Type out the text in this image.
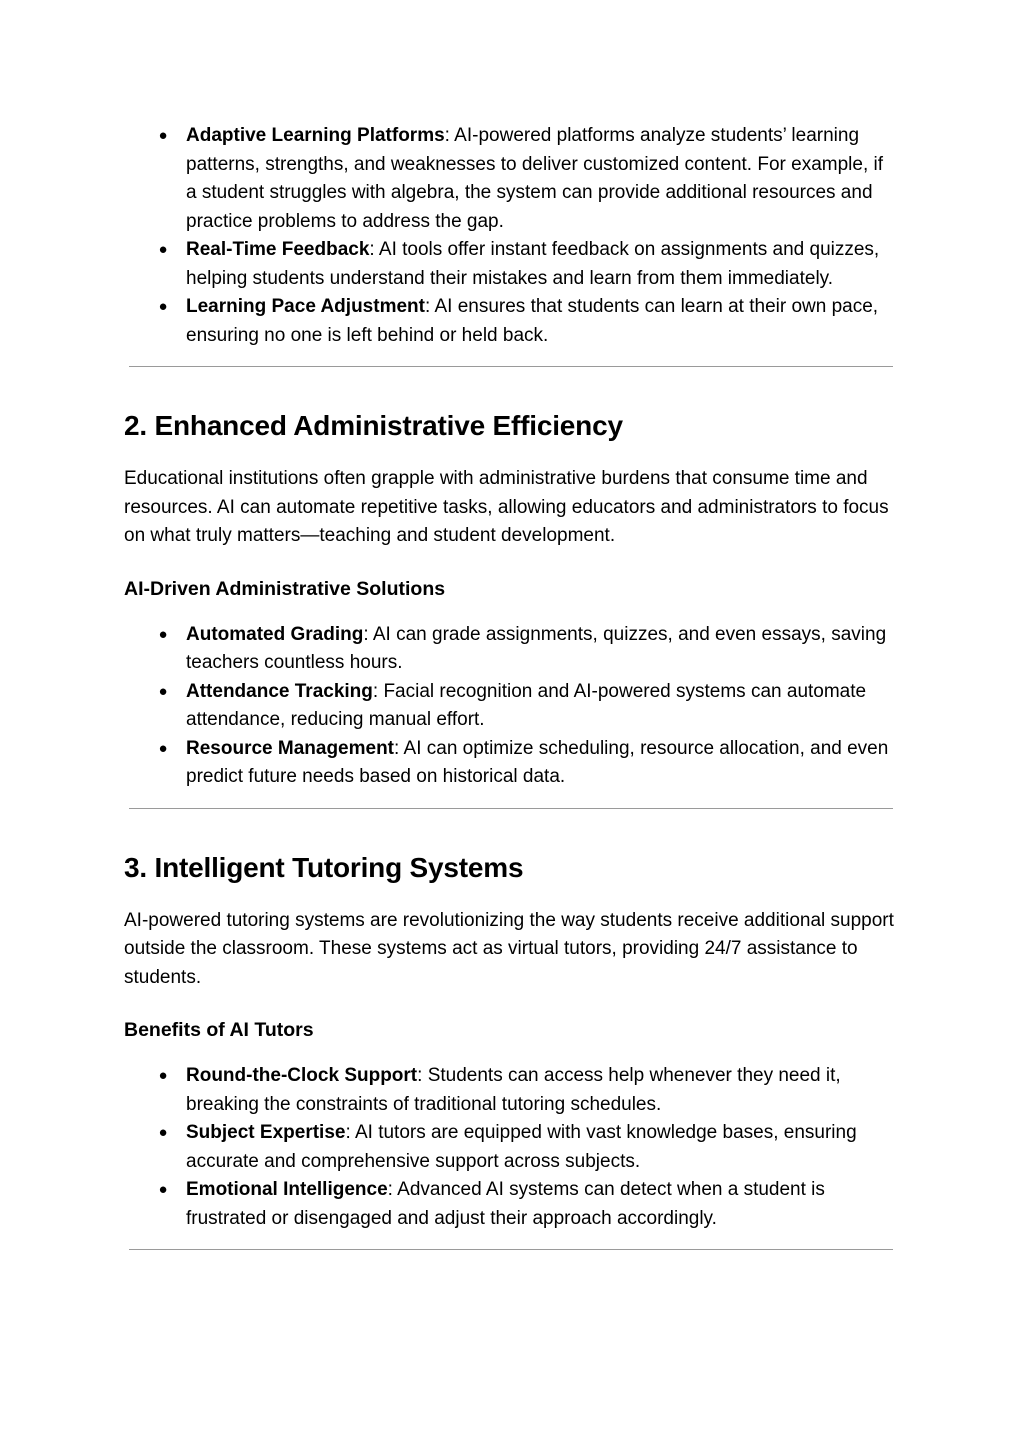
● Adaptive Learning Platforms: AI-powered platforms analyze students’ learning patterns, strengths, and weaknesses to deliver customized content. For example, if a student struggles with algebra, the system can provide additional resources and practice problems to address the gap.
● Real-Time Feedback: AI tools offer instant feedback on assignments and quizzes, helping students understand their mistakes and learn from them immediately.
● Learning Pace Adjustment: AI ensures that students can learn at their own pace, ensuring no one is left behind or held back.
2. Enhanced Administrative Efficiency

Educational institutions often grapple with administrative burdens that consume time and resources. AI can automate repetitive tasks, allowing educators and administrators to focus on what truly matters—teaching and student development.

AI-Driven Administrative Solutions
● Automated Grading: AI can grade assignments, quizzes, and even essays, saving teachers countless hours.
● Attendance Tracking: Facial recognition and AI-powered systems can automate attendance, reducing manual effort.
● Resource Management: AI can optimize scheduling, resource allocation, and even predict future needs based on historical data.
3. Intelligent Tutoring Systems

AI-powered tutoring systems are revolutionizing the way students receive additional support outside the classroom. These systems act as virtual tutors, providing 24/7 assistance to students.

Benefits of AI Tutors
● Round-the-Clock Support: Students can access help whenever they need it, breaking the constraints of traditional tutoring schedules.
● Subject Expertise: AI tutors are equipped with vast knowledge bases, ensuring accurate and comprehensive support across subjects.
● Emotional Intelligence: Advanced AI systems can detect when a student is frustrated or disengaged and adjust their approach accordingly.
